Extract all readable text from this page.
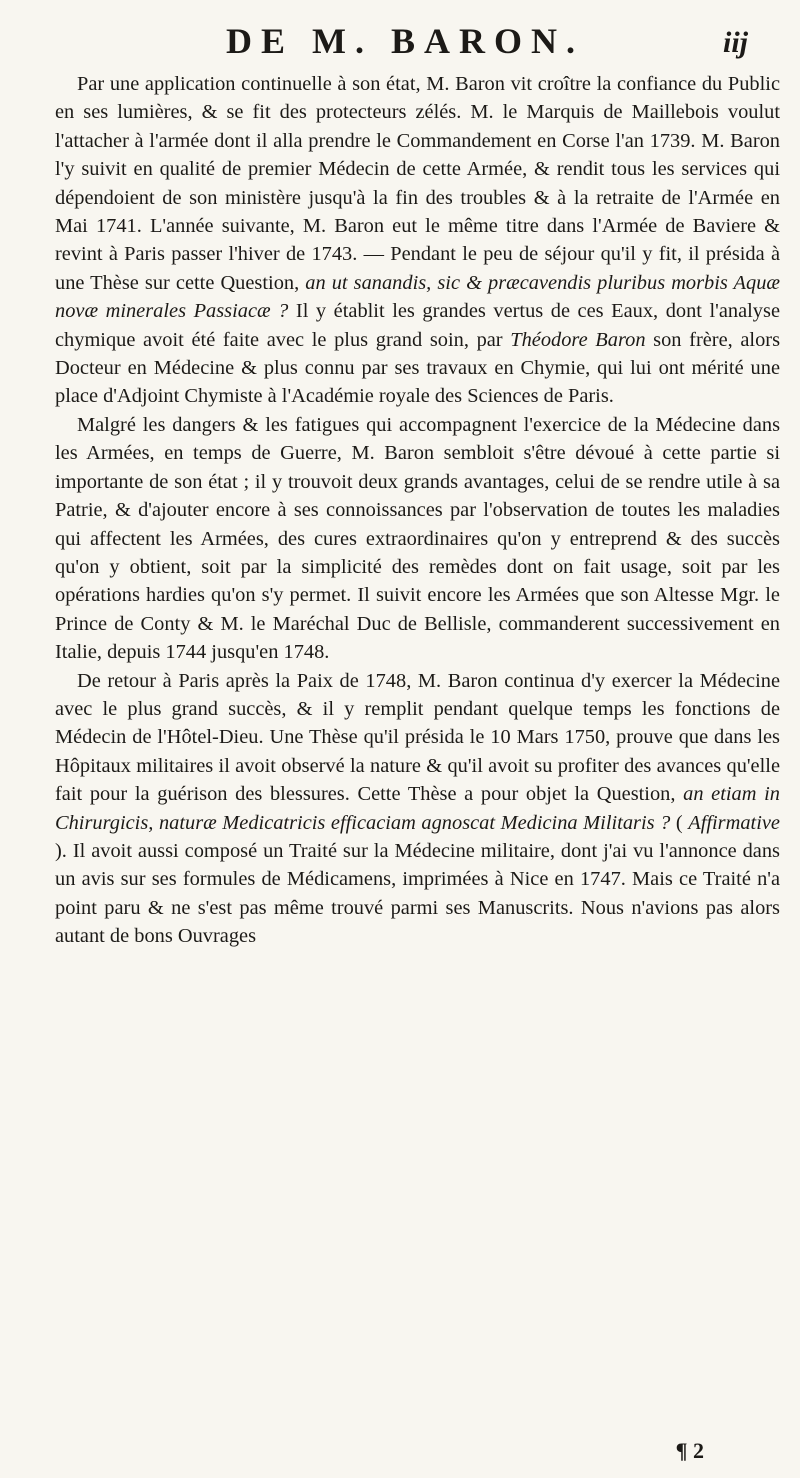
DE M. BARON.	iij

Par une application continuelle à son état, M. Baron vit croître la confiance du Public en ses lumières, & se fit des protecteurs zélés. M. le Marquis de Maillebois voulut l'attacher à l'armée dont il alla prendre le Commandement en Corse l'an 1739. M. Baron l'y suivit en qualité de premier Médecin de cette Armée, & rendit tous les services qui dépendoient de son ministère jusqu'à la fin des troubles & à la retraite de l'Armée en Mai 1741. L'année suivante, M. Baron eut le même titre dans l'Armée de Baviere & revint à Paris passer l'hiver de 1743. — Pendant le peu de séjour qu'il y fit, il présida à une Thèse sur cette Question, an ut sanandis, sic & præcavendis pluribus morbis Aquæ novæ minerales Passiacæ ? Il y établit les grandes vertus de ces Eaux, dont l'analyse chymique avoit été faite avec le plus grand soin, par Théodore Baron son frère, alors Docteur en Médecine & plus connu par ses travaux en Chymie, qui lui ont mérité une place d'Adjoint Chymiste à l'Académie royale des Sciences de Paris.

Malgré les dangers & les fatigues qui accompagnent l'exercice de la Médecine dans les Armées, en temps de Guerre, M. Baron sembloit s'être dévoué à cette partie si importante de son état ; il y trouvoit deux grands avantages, celui de se rendre utile à sa Patrie, & d'ajouter encore à ses connoissances par l'observation de toutes les maladies qui affectent les Armées, des cures extraordinaires qu'on y entreprend & des succès qu'on y obtient, soit par la simplicité des remèdes dont on fait usage, soit par les opérations hardies qu'on s'y permet. Il suivit encore les Armées que son Altesse Mgr. le Prince de Conty & M. le Maréchal Duc de Bellisle, commanderent successivement en Italie, depuis 1744 jusqu'en 1748.

De retour à Paris après la Paix de 1748, M. Baron continua d'y exercer la Médecine avec le plus grand succès, & il y remplit pendant quelque temps les fonctions de Médecin de l'Hôtel-Dieu. Une Thèse qu'il présida le 10 Mars 1750, prouve que dans les Hôpitaux militaires il avoit observé la nature & qu'il avoit su profiter des avances qu'elle fait pour la guérison des blessures. Cette Thèse a pour objet la Question, an etiam in Chirurgicis, naturæ Medicatricis efficaciam agnoscat Medicina Militaris ? ( Affirmative ). Il avoit aussi composé un Traité sur la Médecine militaire, dont j'ai vu l'annonce dans un avis sur ses formules de Médicamens, imprimées à Nice en 1747. Mais ce Traité n'a point paru & ne s'est pas même trouvé parmi ses Manuscrits. Nous n'avions pas alors autant de bons Ouvrages

¶ 2
